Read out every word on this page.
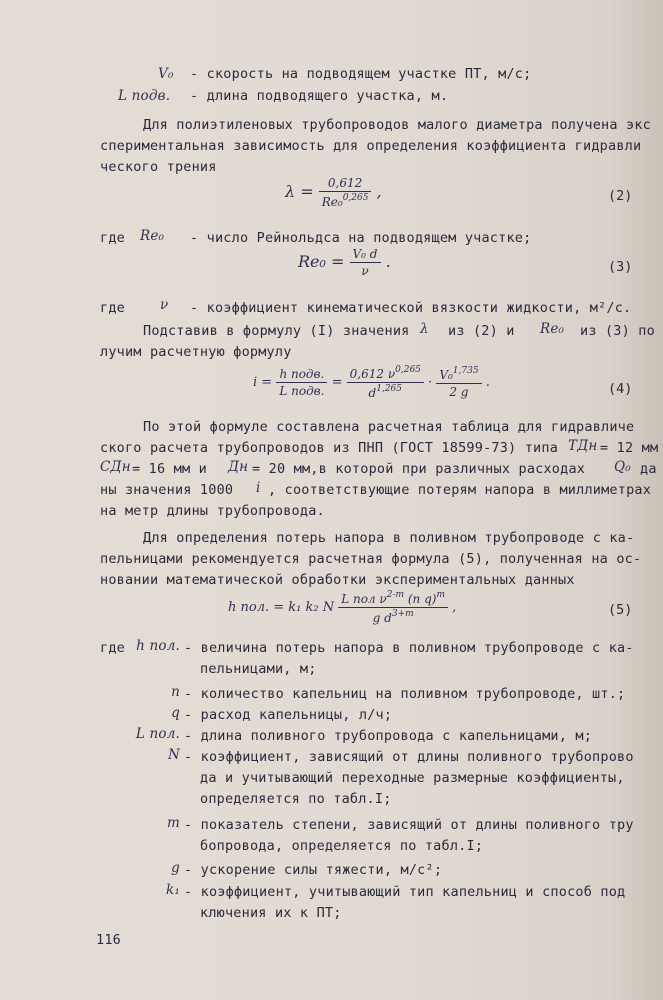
V₀ - скорость на подводящем участке ПТ, м/с;
L подв. - длина подводящего участка, м.
Для полиэтиленовых трубопроводов малого диаметра получена экс
спериментальная зависимость для определения коэффициента гидравли
ческого трения
$\lambda = \frac{0,612}{Re_0^{0,265}}$ ,	(2)
где Re₀ - число Рейнольдса на подводящем участке;
$Re_0 = \frac{\text{V₀ d}}{\nu}$ .	(3)
где	ν - коэффициент кинематической вязкости жидкости, м²/с.
Подставив в формулу (I) значения λ из (2) и Re₀ из (3) по
лучим расчетную формулу
$i = \frac{\text{h подв.}}{\text{L подв.}} = \frac{0,612 \nu^{0,265}}{d^{1,265}} \cdot \frac{V_0^{1,735}}{2 g}$ .	(4)
По этой формуле составлена расчетная таблица для гидравличе
ского расчета трубопроводов из ПНП (ГОСТ 18599-73) типа ТДн = 12 мм
СДн = 16 мм и Дн = 20 мм,в которой при различных расходах Q₀ да
ны значения 1000 i , соответствующие потерям напора в миллиметрах
на метр длины трубопровода.
Для определения потерь напора в поливном трубопроводе с ка-
пельницами рекомендуется расчетная формула (5), полученная на ос-
новании математической обработки экспериментальных данных
h пол. = k₁ k₂ N $\frac{L пол \nu^{2-m} (n q)^m}{g d^{3+m}}$ ,	(5)
где h пол. - величина потерь напора в поливном трубопроводе с ка-
пельницами, м;
n - количество капельниц на поливном трубопроводе, шт.;
q - расход капельницы, л/ч;
L пол. - длина поливного трубопровода с капельницами, м;
N - коэффициент, зависящий от длины поливного трубопрово
да и учитывающий переходные размерные коэффициенты,
определяется по табл.I;
m - показатель степени, зависящий от длины поливного тру
бопровода, определяется по табл.I;
g - ускорение силы тяжести, м/с²;
k₁ - коэффициент, учитывающий тип капельниц и способ под
ключения их к ПТ;
116
